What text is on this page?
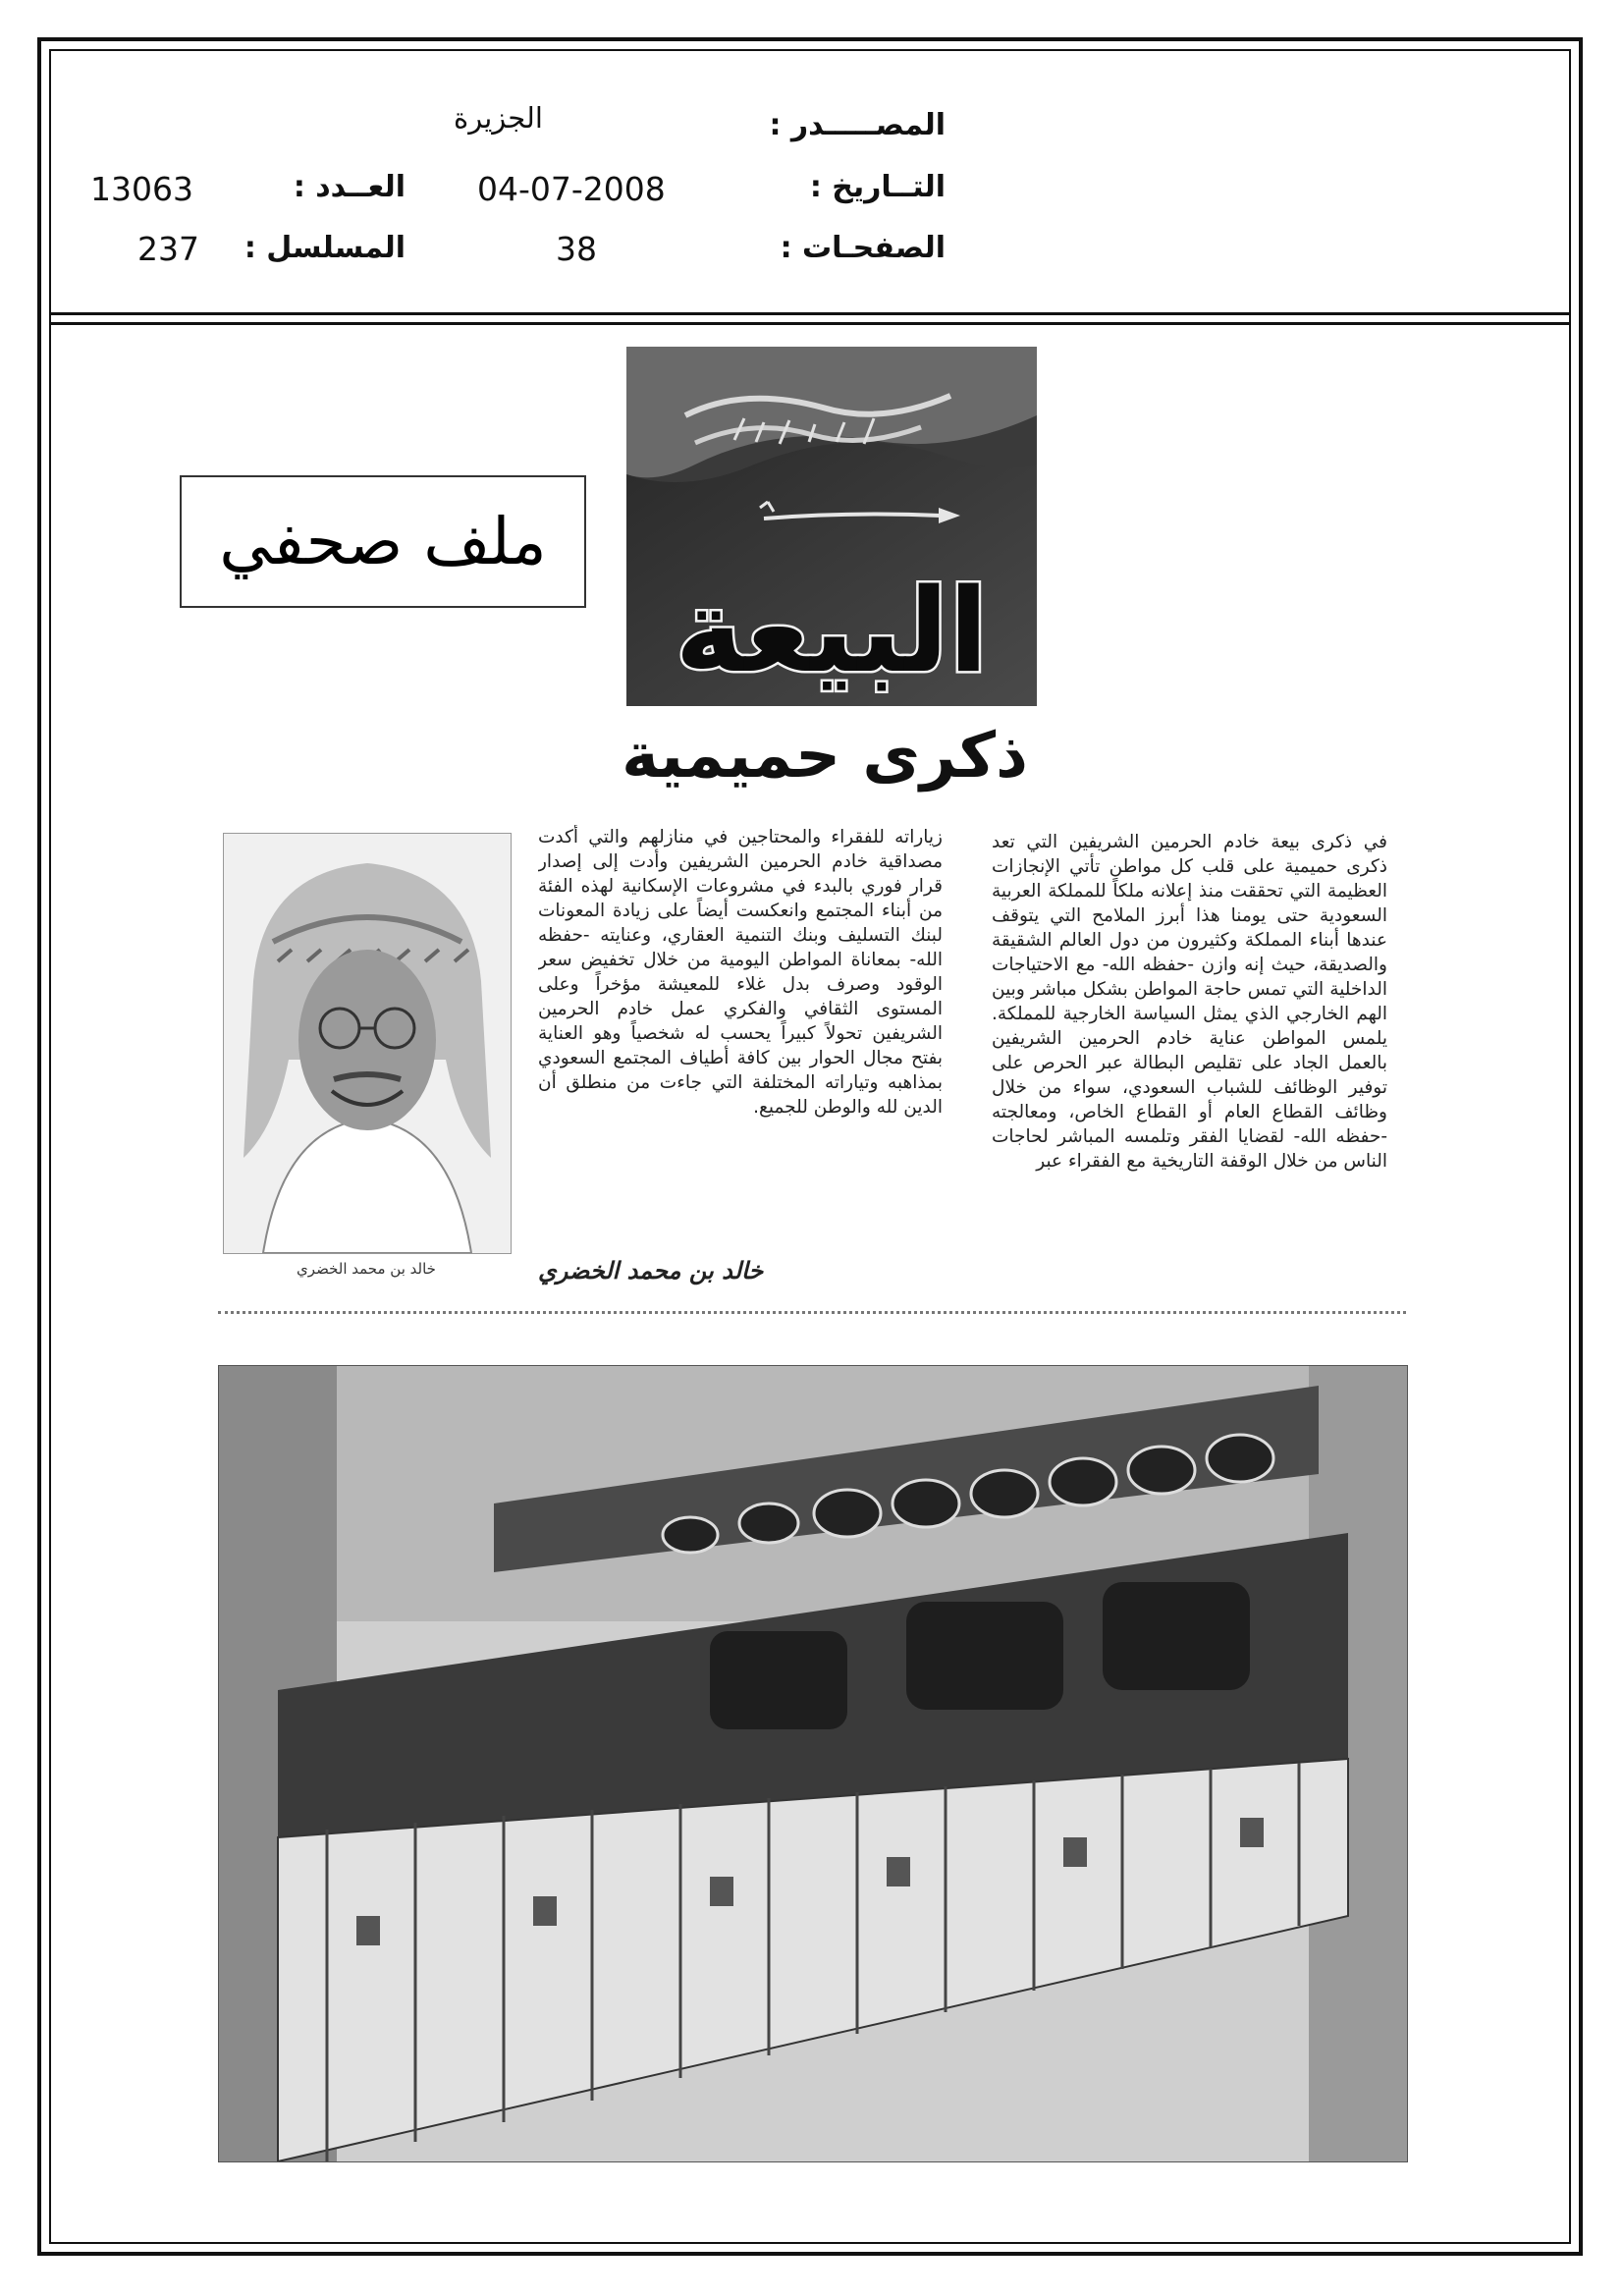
المصـــــدر :
الجزيرة
التــاريخ :
04-07-2008
العــدد :
13063
الصفحـات :
38
المسلسل :
237
ملف صحفي
البيعة
ذكرى حميمية
في ذكرى بيعة خادم الحرمين الشريفين التي تعد ذكرى حميمية على قلب كل مواطن تأتي الإنجازات العظيمة التي تحققت منذ إعلانه ملكاً للمملكة العربية السعودية حتى يومنا هذا أبرز الملامح التي يتوقف عندها أبناء المملكة وكثيرون من دول العالم الشقيقة والصديقة، حيث إنه وازن -حفظه الله- مع الاحتياجات الداخلية التي تمس حاجة المواطن بشكل مباشر وبين الهم الخارجي الذي يمثل السياسة الخارجية للمملكة. يلمس المواطن عناية خادم الحرمين الشريفين بالعمل الجاد على تقليص البطالة عبر الحرص على توفير الوظائف للشباب السعودي، سواء من خلال وظائف القطاع العام أو القطاع الخاص، ومعالجته -حفظه الله- لقضايا الفقر وتلمسه المباشر لحاجات الناس من خلال الوقفة التاريخية مع الفقراء عبر
زياراته للفقراء والمحتاجين في منازلهم والتي أكدت مصداقية خادم الحرمين الشريفين وأدت إلى إصدار قرار فوري بالبدء في مشروعات الإسكانية لهذه الفئة من أبناء المجتمع وانعكست أيضاً على زيادة المعونات لبنك التسليف وبنك التنمية العقاري، وعنايته -حفظه الله- بمعاناة المواطن اليومية من خلال تخفيض سعر الوقود وصرف بدل غلاء للمعيشة مؤخراً وعلى المستوى الثقافي والفكري عمل خادم الحرمين الشريفين تحولاً كبيراً يحسب له شخصياً وهو العناية بفتح مجال الحوار بين كافة أطياف المجتمع السعودي بمذاهبه وتياراته المختلفة التي جاءت من منطلق أن الدين لله والوطن للجميع.
خالد بن محمد الخضري
خالد بن محمد الخضري
